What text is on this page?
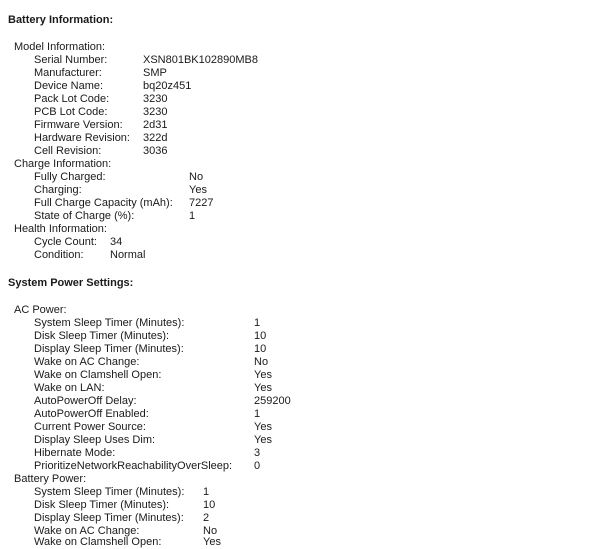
Battery Information:
Model Information:
Serial Number:	XSN801BK102890MB8
Manufacturer:	SMP
Device Name:	bq20z451
Pack Lot Code:	3230
PCB Lot Code:	3230
Firmware Version: 2d31
Hardware Revision: 322d
Cell Revision:	3036
Charge Information:
Fully Charged:	No
Charging:	Yes
Full Charge Capacity (mAh): 7227
State of Charge (%):	1
Health Information:
Cycle Count: 34
Condition: Normal
System Power Settings:
AC Power:
System Sleep Timer (Minutes):	1
Disk Sleep Timer (Minutes):	10
Display Sleep Timer (Minutes):	10
Wake on AC Change:	No
Wake on Clamshell Open:	Yes
Wake on LAN:	Yes
AutoPowerOff Delay:	259200
AutoPowerOff Enabled:	1
Current Power Source:	Yes
Display Sleep Uses Dim:	Yes
Hibernate Mode:	3
PrioritizeNetworkReachabilityOverSleep: 0
Battery Power:
System Sleep Timer (Minutes): 1
Disk Sleep Timer (Minutes):	10
Display Sleep Timer (Minutes): 2
Wake on AC Change:	No
Wake on Clamshell Open:	Yes
